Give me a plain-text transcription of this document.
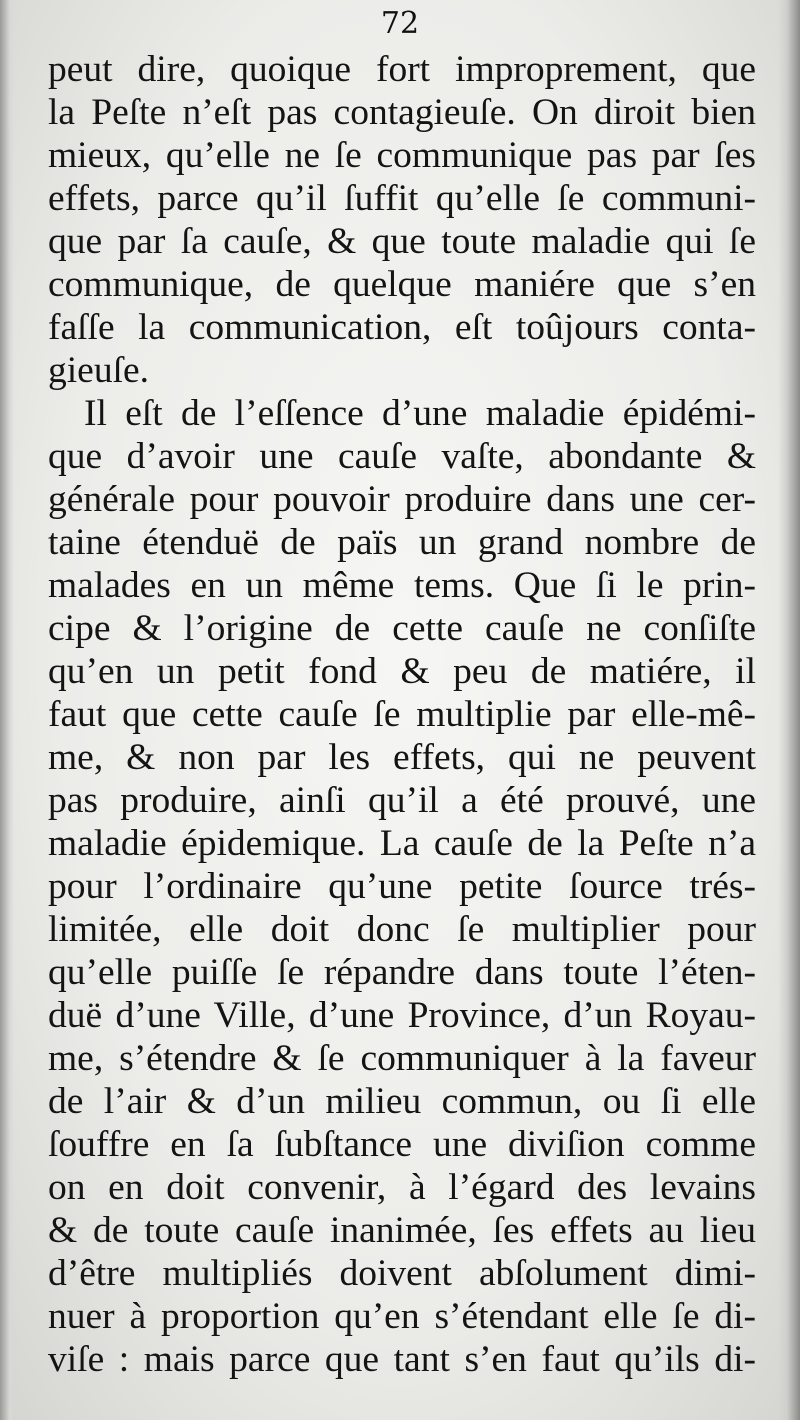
72
peut dire, quoique fort improprement, que
la Peſte n’eſt pas contagieuſe. On diroit bien
mieux, qu’elle ne ſe communique pas par ſes
effets, parce qu’il ſuffit qu’elle ſe communi-
que par ſa cauſe, & que toute maladie qui ſe
communique, de quelque maniére que s’en
faſſe la communication, eſt toûjours conta-
gieuſe.
Il eſt de l’eſſence d’une maladie épidémi-
que d’avoir une cauſe vaſte, abondante &
générale pour pouvoir produire dans une cer-
taine étenduë de païs un grand nombre de
malades en un même tems. Que ſi le prin-
cipe & l’origine de cette cauſe ne conſiſte
qu’en un petit fond & peu de matiére, il
faut que cette cauſe ſe multiplie par elle-mê-
me, & non par les effets, qui ne peuvent
pas produire, ainſi qu’il a été prouvé, une
maladie épidemique. La cauſe de la Peſte n’a
pour l’ordinaire qu’une petite ſource trés-
limitée, elle doit donc ſe multiplier pour
qu’elle puiſſe ſe répandre dans toute l’éten-
duë d’une Ville, d’une Province, d’un Royau-
me, s’étendre & ſe communiquer à la faveur
de l’air & d’un milieu commun, ou ſi elle
ſouffre en ſa ſubſtance une diviſion comme
on en doit convenir, à l’égard des levains
& de toute cauſe inanimée, ſes effets au lieu
d’être multipliés doivent abſolument dimi-
nuer à proportion qu’en s’étendant elle ſe di-
viſe : mais parce que tant s’en faut qu’ils di-
